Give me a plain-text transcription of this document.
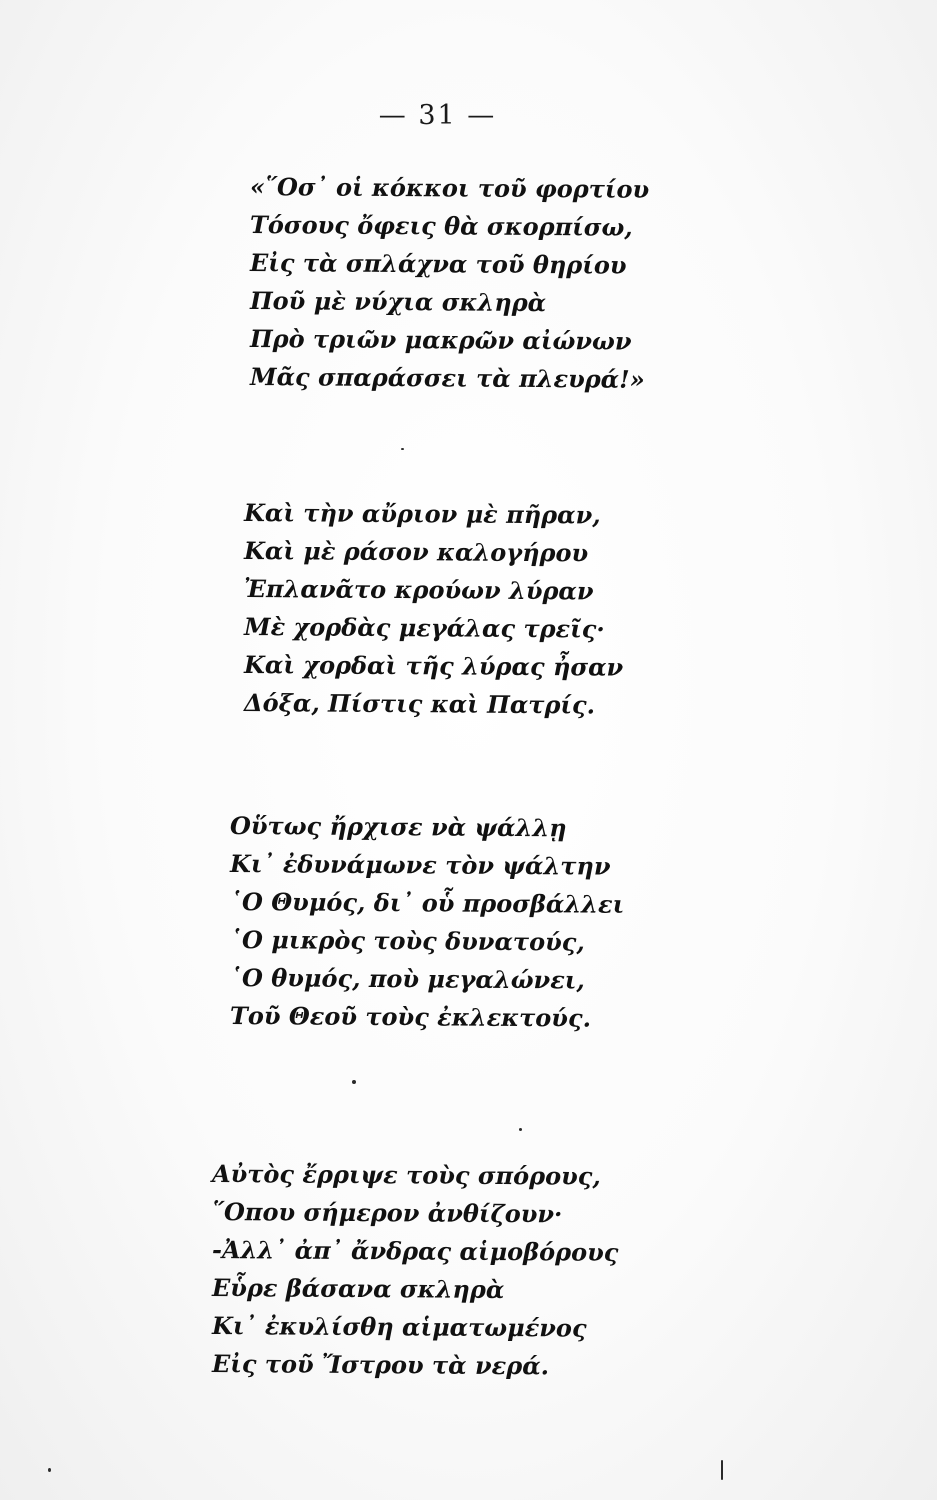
— 31 —
«῞Οσ᾽ οἱ κόκκοι τοῦ φορτίου
Τόσους ὄφεις θὰ σκορπίσω,
Εἰς τὰ σπλάχνα τοῦ θηρίου
Ποῦ μὲ νύχια σκληρὰ
Πρὸ τριῶν μακρῶν αἰώνων
Μᾶς σπαράσσει τὰ πλευρά!»
Καὶ τὴν αὔριον μὲ πῆραν,
Καὶ μὲ ράσον καλογήρου
Ἐπλανᾶτο κρούων λύραν
Μὲ χορδὰς μεγάλας τρεῖς·
Καὶ χορδαὶ τῆς λύρας ἦσαν
Δόξα, Πίστις καὶ Πατρίς.
Οὕτως ἤρχισε νὰ ψάλλῃ
Κι᾽ ἐδυνάμωνε τὸν ψάλτην
῾Ο Θυμός, δι᾽ οὗ προσβάλλει
῾Ο μικρὸς τοὺς δυνατούς,
῾Ο θυμός, ποὺ μεγαλώνει,
Τοῦ Θεοῦ τοὺς ἐκλεκτούς.
Αὐτὸς ἔρριψε τοὺς σπόρους,
῞Οπου σήμερον ἀνθίζουν·
-Ἀλλ᾽ ἀπ᾽ ἄνδρας αἱμοβόρους
Εὗρε βάσανα σκληρὰ
Κι᾽ ἐκυλίσθη αἱματωμένος
Εἰς τοῦ Ἴστρου τὰ νερά.
